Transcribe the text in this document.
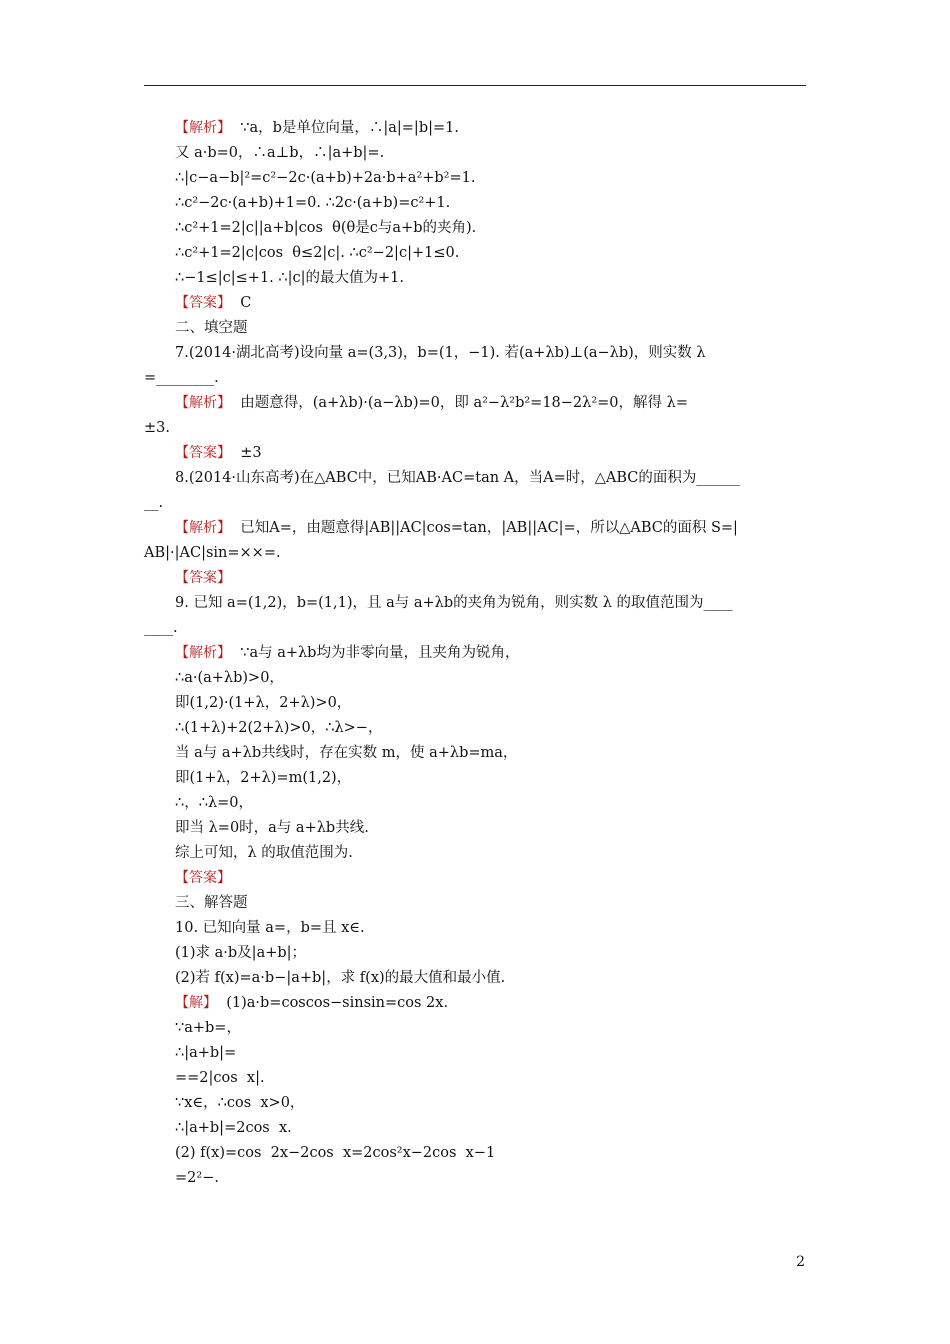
【解析】  ∵a，b是单位向量，∴|a|=|b|=1.
又 a·b=0，∴a⊥b，∴|a+b|=.
∴|c−a−b|²=c²−2c·(a+b)+2a·b+a²+b²=1.
∴c²−2c·(a+b)+1=0. ∴2c·(a+b)=c²+1.
∴c²+1=2|c||a+b|cos  θ(θ是c与a+b的夹角).
∴c²+1=2|c|cos  θ≤2|c|. ∴c²−2|c|+1≤0.
∴−1≤|c|≤+1. ∴|c|的最大值为+1.
【答案】  C
二、填空题
7.(2014·湖北高考)设向量 a=(3,3)，b=(1，−1). 若(a+λb)⊥(a−λb)，则实数 λ
=________.
【解析】  由题意得，(a+λb)·(a−λb)=0，即 a²−λ²b²=18−2λ²=0，解得 λ=
±3.
【答案】  ±3
8.(2014·山东高考)在△ABC中，已知AB·AC=tan A，当A=时，△ABC的面积为______
__.
【解析】  已知A=，由题意得|AB||AC|cos=tan，|AB||AC|=，所以△ABC的面积 S=|
AB|·|AC|sin=××=.
【答案】
9. 已知 a=(1,2)，b=(1,1)，且 a与 a+λb的夹角为锐角，则实数 λ 的取值范围为____
____.
【解析】  ∵a与 a+λb均为非零向量，且夹角为锐角，
∴a·(a+λb)>0，
即(1,2)·(1+λ，2+λ)>0，
∴(1+λ)+2(2+λ)>0，∴λ>−，
当 a与 a+λb共线时，存在实数 m，使 a+λb=ma，
即(1+λ，2+λ)=m(1,2)，
∴，∴λ=0，
即当 λ=0时，a与 a+λb共线.
综上可知，λ 的取值范围为.
【答案】
三、解答题
10. 已知向量 a=，b=且 x∈.
(1)求 a·b及|a+b|；
(2)若 f(x)=a·b−|a+b|，求 f(x)的最大值和最小值.
【解】  (1)a·b=coscos−sinsin=cos 2x.
∵a+b=，
∴|a+b|=
==2|cos  x|.
∵x∈，∴cos  x>0，
∴|a+b|=2cos  x.
(2) f(x)=cos  2x−2cos  x=2cos²x−2cos  x−1
=2²−.
2
